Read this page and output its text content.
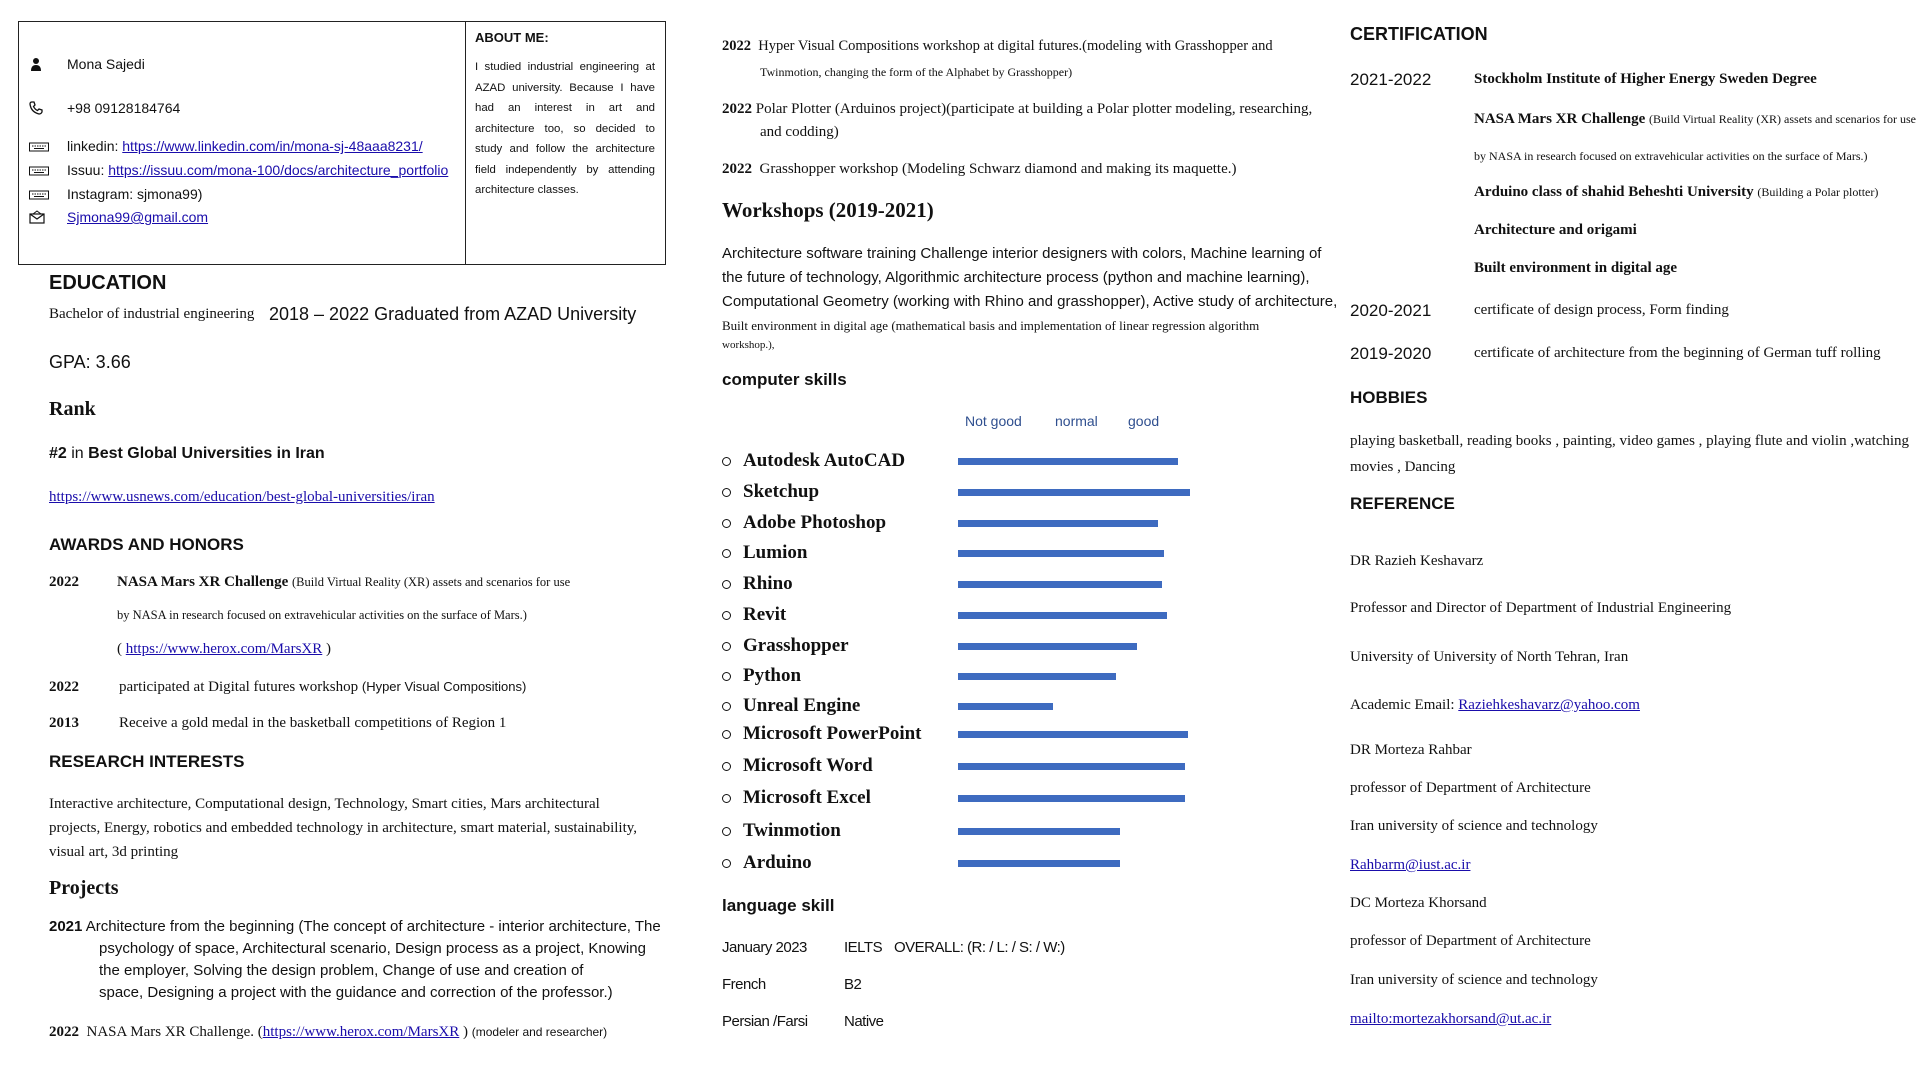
Mona Sajedi
+98 09128184764
linkedin:
https://www.linkedin.com/in/mona-sj-48aaa8231/
Issuu:
https://issuu.com/mona-100/docs/architecture_portfolio
Instagram: sjmona99)
Sjmona99@gmail.com
ABOUT ME:
I studied industrial engineering at AZAD university. Because I have had an interest in art and architecture too, so decided to study and follow the architecture field independently by attending architecture classes.
EDUCATION
Bachelor of industrial engineering 2018 – 2022 Graduated from AZAD University
GPA: 3.66
Rank
#2 in Best Global Universities in Iran
https://www.usnews.com/education/best-global-universities/iran
AWARDS AND HONORS
2022	NASA Mars XR Challenge (Build Virtual Reality (XR) assets and scenarios for use
by NASA in research focused on extravehicular activities on the surface of Mars.)
( https://www.herox.com/MarsXR )
2022	participated at Digital futures workshop (Hyper Visual Compositions)
2013	Receive a gold medal in the basketball competitions of Region 1
RESEARCH INTERESTS
Interactive architecture, Computational design, Technology, Smart cities, Mars architectural
projects, Energy, robotics and embedded technology in architecture, smart material, sustainability,
visual art, 3d printing
Projects
2021 Architecture from the beginning (The concept of architecture - interior architecture, The
psychology of space, Architectural scenario, Design process as a project, Knowing
the employer, Solving the design problem, Change of use and creation of
space, Designing a project with the guidance and correction of the professor.)
2022 NASA Mars XR Challenge. (https://www.herox.com/MarsXR ) (modeler and researcher)
2022 Hyper Visual Compositions workshop at digital futures.(modeling with Grasshopper and
Twinmotion, changing the form of the Alphabet by Grasshopper)
2022 Polar Plotter (Arduinos project)(participate at building a Polar plotter modeling, researching,
and codding)
2022 Grasshopper workshop (Modeling Schwarz diamond and making its maquette.)
Workshops (2019-2021)
Architecture software training Challenge interior designers with colors, Machine learning of
the future of technology, Algorithmic architecture process (python and machine learning),
Computational Geometry (working with Rhino and grasshopper), Active study of architecture,
Built environment in digital age (mathematical basis and implementation of linear regression algorithm
workshop.),
computer skills
Not good normal good
Autodesk AutoCAD
Sketchup
Adobe Photoshop
Lumion
Rhino
Revit
Grasshopper
Python
Unreal Engine
Microsoft PowerPoint
Microsoft Word
Microsoft Excel
Twinmotion
Arduino
language skill
January 2023 IELTS OVERALL: (R: / L: / S: / W:)
French	B2
Persian /Farsi Native
CERTIFICATION
2021-2022	Stockholm Institute of Higher Energy Sweden Degree
NASA Mars XR Challenge (Build Virtual Reality (XR) assets and scenarios for use
by NASA in research focused on extravehicular activities on the surface of Mars.)
Arduino class of shahid Beheshti University (Building a Polar plotter)
Architecture and origami
Built environment in digital age
2020-2021	certificate of design process, Form finding
2019-2020	certificate of architecture from the beginning of German tuff rolling
HOBBIES
playing basketball, reading books , painting, video games , playing flute and violin ,watching
movies , Dancing
REFERENCE
DR Razieh Keshavarz
Professor and Director of Department of Industrial Engineering
University of University of North Tehran, Iran
Academic Email: Raziehkeshavarz@yahoo.com
DR Morteza Rahbar
professor of Department of Architecture
Iran university of science and technology
Rahbarm@iust.ac.ir
DC Morteza Khorsand
professor of Department of Architecture
Iran university of science and technology
mailto:mortezakhorsand@ut.ac.ir
